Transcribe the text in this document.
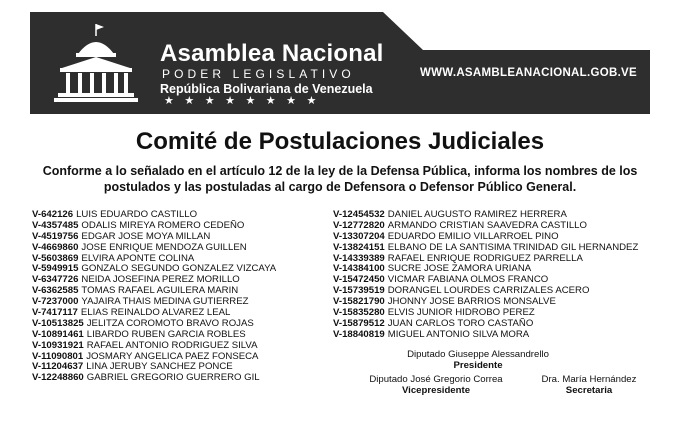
Asamblea Nacional
PODER LEGISLATIVO
República Bolivariana de Venezuela
★★★★★★★★
WWW.ASAMBLEANACIONAL.GOB.VE
Comité de Postulaciones Judiciales

Conforme a lo señalado en el artículo 12 de la ley de la Defensa Pública, informa los nombres de los postulados y las postuladas al cargo de Defensora o Defensor Público General.

V-642126 LUIS EDUARDO CASTILLO
V-4357485 ODALIS MIREYA ROMERO CEDEÑO
V-4519756 EDGAR JOSE MOYA MILLAN
V-4669860 JOSE ENRIQUE MENDOZA GUILLEN
V-5603869 ELVIRA APONTE COLINA
V-5949915 GONZALO SEGUNDO GONZALEZ VIZCAYA
V-6347726 NEIDA JOSEFINA PEREZ MORILLO
V-6362585 TOMAS RAFAEL AGUILERA MARIN
V-7237000 YAJAIRA THAIS MEDINA GUTIERREZ
V-7417117 ELIAS REINALDO ALVAREZ LEAL
V-10513825 JELITZA COROMOTO BRAVO ROJAS
V-10891461 LIBARDO RUBEN GARCIA ROBLES
V-10931921 RAFAEL ANTONIO RODRIGUEZ SILVA
V-11090801 JOSMARY ANGELICA PAEZ FONSECA
V-11204637 LINA JERUBY SANCHEZ PONCE
V-12248860 GABRIEL GREGORIO GUERRERO GIL
V-12454532 DANIEL AUGUSTO RAMIREZ HERRERA
V-12772820 ARMANDO CRISTIAN SAAVEDRA CASTILLO
V-13307204 EDUARDO EMILIO VILLARROEL PINO
V-13824151 ELBANO DE LA SANTISIMA TRINIDAD GIL HERNANDEZ
V-14339389 RAFAEL ENRIQUE RODRIGUEZ PARRELLA
V-14384100 SUCRE JOSE ZAMORA URIANA
V-15472450 VICMAR FABIANA OLMOS FRANCO
V-15739519 DORANGEL LOURDES CARRIZALES ACERO
V-15821790 JHONNY JOSE BARRIOS MONSALVE
V-15835280 ELVIS JUNIOR HIDROBO PEREZ
V-15879512 JUAN CARLOS TORO CASTAÑO
V-18840819 MIGUEL ANTONIO SILVA MORA
Diputado Giuseppe Alessandrello
Presidente
Diputado José Gregorio Correa
Vicepresidente
Dra. María Hernández
Secretaria
